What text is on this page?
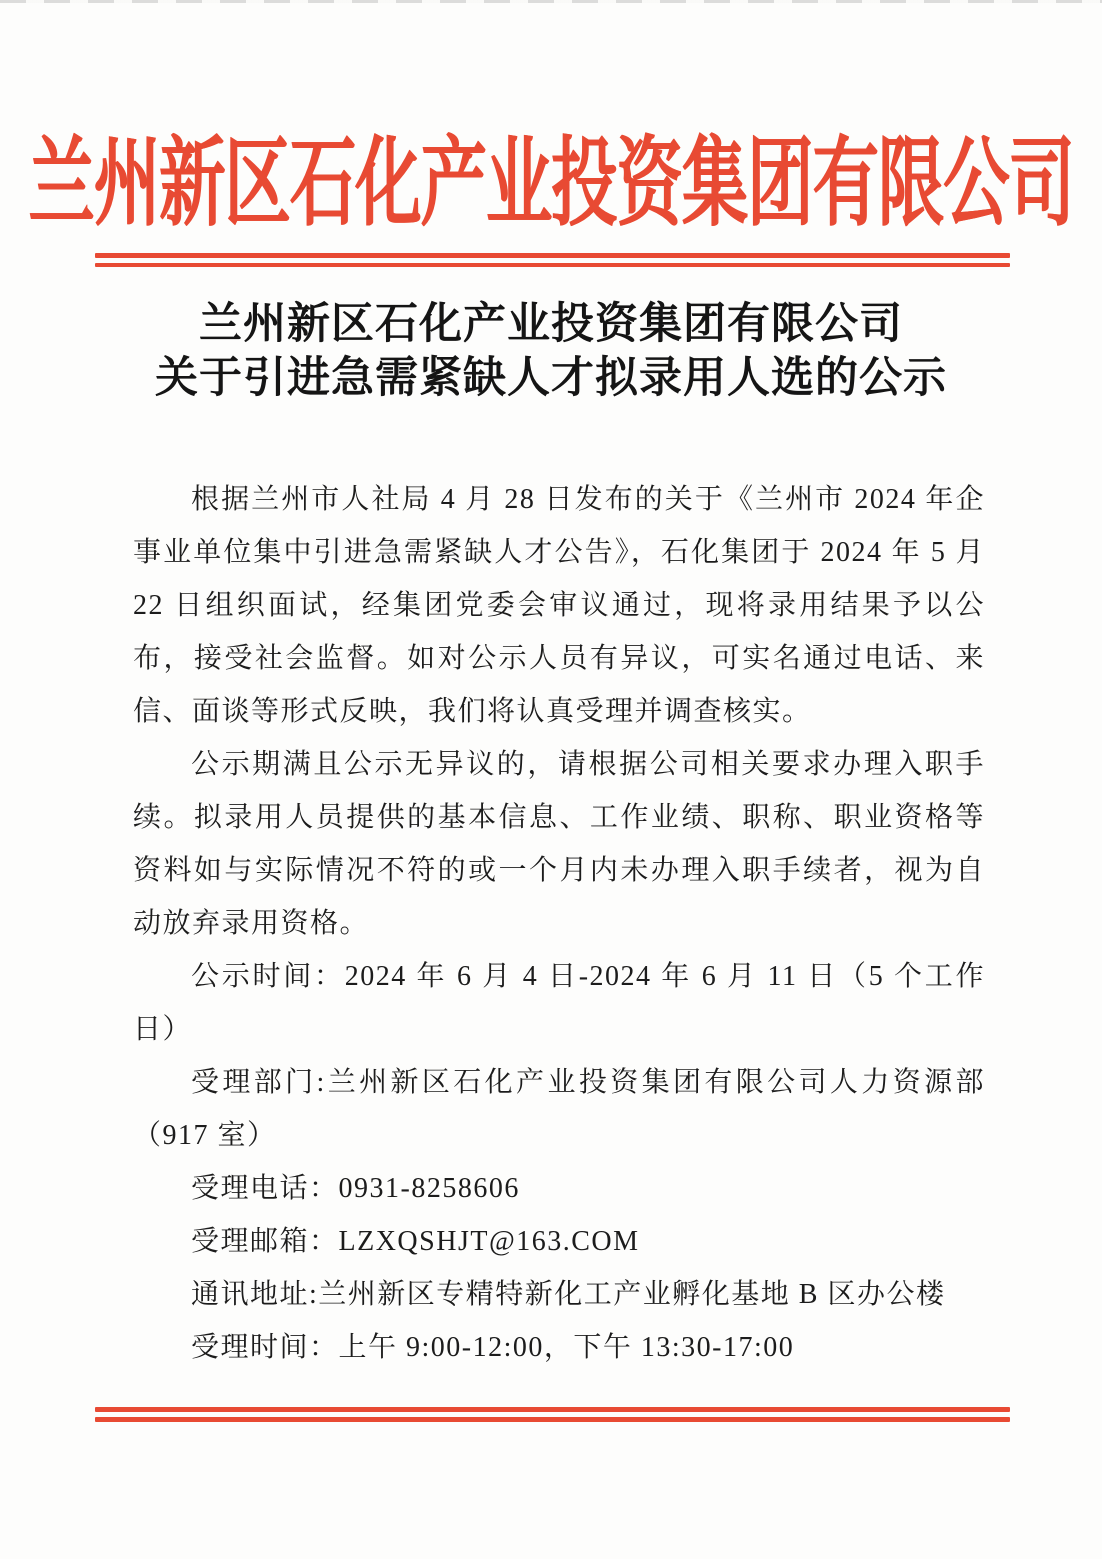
兰州新区石化产业投资集团有限公司
兰州新区石化产业投资集团有限公司
关于引进急需紧缺人才拟录用人选的公示

根据兰州市人社局 4 月 28 日发布的关于《兰州市 2024 年企事业单位集中引进急需紧缺人才公告》，石化集团于 2024 年 5 月 22 日组织面试，经集团党委会审议通过，现将录用结果予以公布，接受社会监督。如对公示人员有异议，可实名通过电话、来信、面谈等形式反映，我们将认真受理并调查核实。

公示期满且公示无异议的，请根据公司相关要求办理入职手续。拟录用人员提供的基本信息、工作业绩、职称、职业资格等资料如与实际情况不符的或一个月内未办理入职手续者，视为自动放弃录用资格。

公示时间：2024 年 6 月 4 日-2024 年 6 月 11 日（5 个工作日）

受理部门:兰州新区石化产业投资集团有限公司人力资源部（917 室）

受理电话：0931-8258606

受理邮箱：LZXQSHJT@163.COM

通讯地址:兰州新区专精特新化工产业孵化基地 B 区办公楼

受理时间：上午 9:00-12:00，下午 13:30-17:00
